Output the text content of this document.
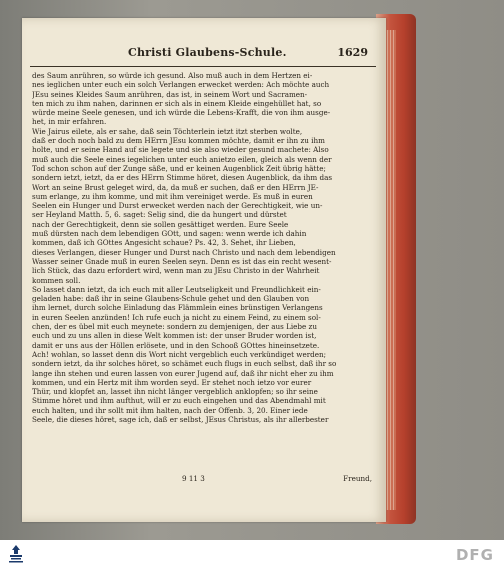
Christi Glaubens-Schule.	1629
des Saum anrühren, so würde ich gesund. Also muß auch in dem Hertzen ei-
nes ieglichen unter euch ein solch Verlangen erwecket werden: Ach möchte auch
JEsu seines Kleides Saum anrühren, das ist, in seinem Wort und Sacramen-
ten mich zu ihm nahen, darinnen er sich als in einem Kleide eingehüllet hat, so
würde meine Seele genesen, und ich würde die Lebens-Krafft, die von ihm ausge-
het, in mir erfahren.
Wie Jairus eilete, als er sahe, daß sein Töchterlein ietzt itzt sterben wolte,
daß er doch noch bald zu dem HErrn JEsu kommen möchte, damit er ihn zu ihm
holte, und er seine Hand auf sie legete und sie also wieder gesund machete: Also
muß auch die Seele eines iegelichen unter euch anietzo eilen, gleich als wenn der
Tod schon schon auf der Zunge säße, und er keinen Augenblick Zeit übrig hätte;
sondern ietzt, ietzt, da er des HErrn Stimme höret, diesen Augenblick, da ihm das
Wort an seine Brust geleget wird, da, da muß er suchen, daß er den HErrn JE-
sum erlange, zu ihm komme, und mit ihm vereiniget werde. Es muß in euren
Seelen ein Hunger und Durst erwecket werden nach der Gerechtigkeit, wie un-
ser Heyland Matth. 5, 6. saget: Selig sind, die da hungert und dürstet
nach der Gerechtigkeit, denn sie sollen gesättiget werden. Eure Seele
muß dürsten nach dem lebendigen GOtt, und sagen: wenn werde ich dahin
kommen, daß ich GOttes Angesicht schaue? Ps. 42, 3. Sehet, ihr Lieben,
dieses Verlangen, dieser Hunger und Durst nach Christo und nach dem lebendigen
Wasser seiner Gnade muß in euren Seelen seyn. Denn es ist das ein recht wesent-
lich Stück, das dazu erfordert wird, wenn man zu JEsu Christo in der Wahrheit
kommen soll.
So lasset dann ietzt, da ich euch mit aller Leutseligkeit und Freundlichkeit ein-
geladen habe: daß ihr in seine Glaubens-Schule gehet und den Glauben von
ihm lernet, durch solche Einladung das Flämmlein eines brünstigen Verlangens
in euren Seelen anzünden! Ich rufe euch ja nicht zu einem Feind, zu einem sol-
chen, der es übel mit euch meynete: sondern zu demjenigen, der aus Liebe zu
euch und zu uns allen in diese Welt kommen ist: der unser Bruder worden ist,
damit er uns aus der Höllen erlösete, und in den Schooß GOttes hineinsetzete.
Ach! wohlan, so lasset denn dis Wort nicht vergeblich euch verkündiget werden;
sondern ietzt, da ihr solches höret, so schämet euch flugs in euch selbst, daß ihr so
lange ihn stehen und euren lassen von eurer Jugend auf, daß ihr nicht eher zu ihm
kommen, und ein Hertz mit ihm worden seyd. Er stehet noch ietzo vor eurer
Thür, und klopfet an, lasset ihn nicht länger vergeblich anklopfen; so ihr seine
Stimme höret und ihm aufthut, will er zu euch eingehen und das Abendmahl mit
euch halten, und ihr sollt mit ihm halten, nach der Offenb. 3, 20. Einer iede
Seele, die dieses höret, sage ich, daß er selbst, JEsus Christus, als ihr allerbester
9 11 3	Freund,
DFG
